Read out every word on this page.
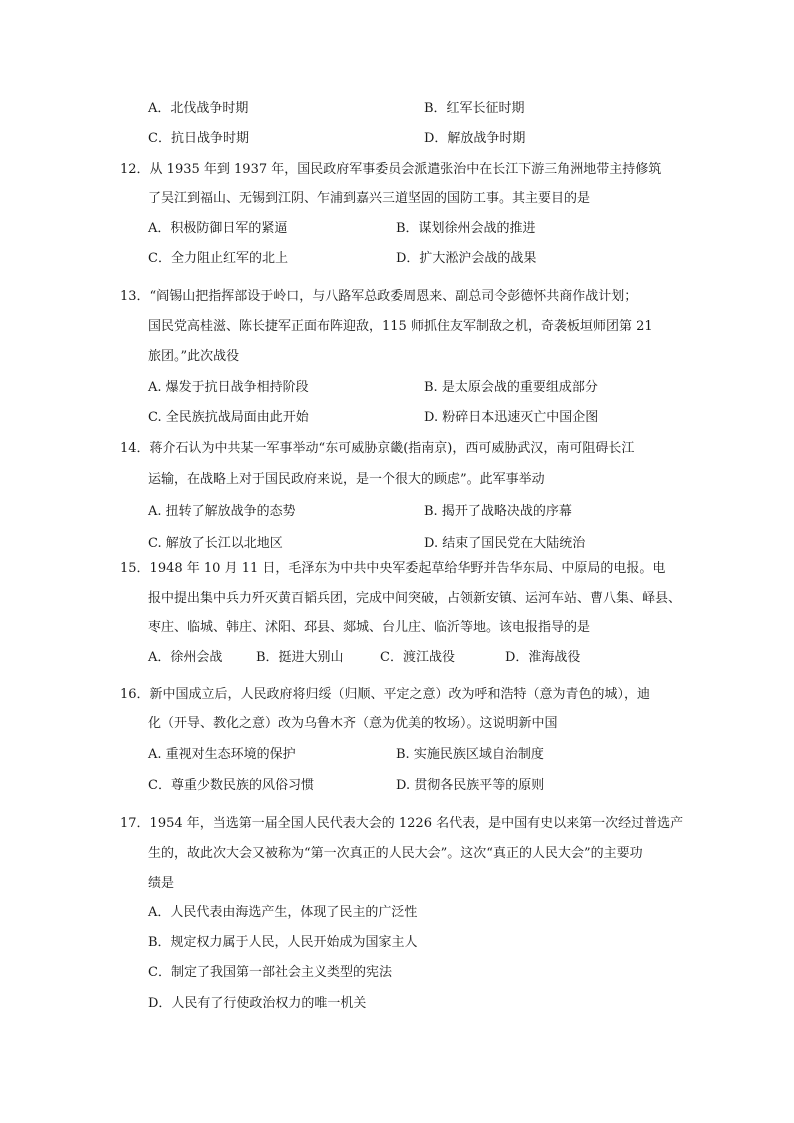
A．北伐战争时期	B．红军长征时期
C．抗日战争时期	D．解放战争时期
12．从 1935 年到 1937 年，国民政府军事委员会派遣张治中在长江下游三角洲地带主持修筑
了吴江到福山、无锡到江阴、乍浦到嘉兴三道坚固的国防工事。其主要目的是
A．积极防御日军的紧逼	B．谋划徐州会战的推进
C．全力阻止红军的北上	D．扩大淞沪会战的战果
13．“阎锡山把指挥部设于岭口，与八路军总政委周恩来、副总司令彭德怀共商作战计划；
国民党高桂滋、陈长捷军正面布阵迎敌，115 师抓住友军制敌之机，奇袭板垣师团第 21
旅团。”此次战役
A. 爆发于抗日战争相持阶段	B. 是太原会战的重要组成部分
C. 全民族抗战局面由此开始	D. 粉碎日本迅速灭亡中国企图
14．蒋介石认为中共某一军事举动“东可威胁京畿(指南京)，西可威胁武汉，南可阻碍长江
运输，在战略上对于国民政府来说，是一个很大的顾虑”。此军事举动
A. 扭转了解放战争的态势	B. 揭开了战略决战的序幕
C. 解放了长江以北地区	D. 结束了国民党在大陆统治
15．1948 年 10 月 11 日，毛泽东为中共中央军委起草给华野并告华东局、中原局的电报。电
报中提出集中兵力歼灭黄百韬兵团，完成中间突破，占领新安镇、运河车站、曹八集、峄县、
枣庄、临城、韩庄、沭阳、邳县、郯城、台儿庄、临沂等地。该电报指导的是
A．徐州会战	B．挺进大别山	C．渡江战役	D．淮海战役
16．新中国成立后，人民政府将归绥（归顺、平定之意）改为呼和浩特（意为青色的城），迪
化（开导、教化之意）改为乌鲁木齐（意为优美的牧场）。这说明新中国
A. 重视对生态环境的保护	B. 实施民族区域自治制度
C．尊重少数民族的风俗习惯	D. 贯彻各民族平等的原则
17．1954 年，当选第一届全国人民代表大会的 1226 名代表，是中国有史以来第一次经过普选产
生的，故此次大会又被称为“第一次真正的人民大会”。这次“真正的人民大会”的主要功
绩是
A．人民代表由海选产生，体现了民主的广泛性
B．规定权力属于人民，人民开始成为国家主人
C．制定了我国第一部社会主义类型的宪法
D．人民有了行使政治权力的唯一机关
